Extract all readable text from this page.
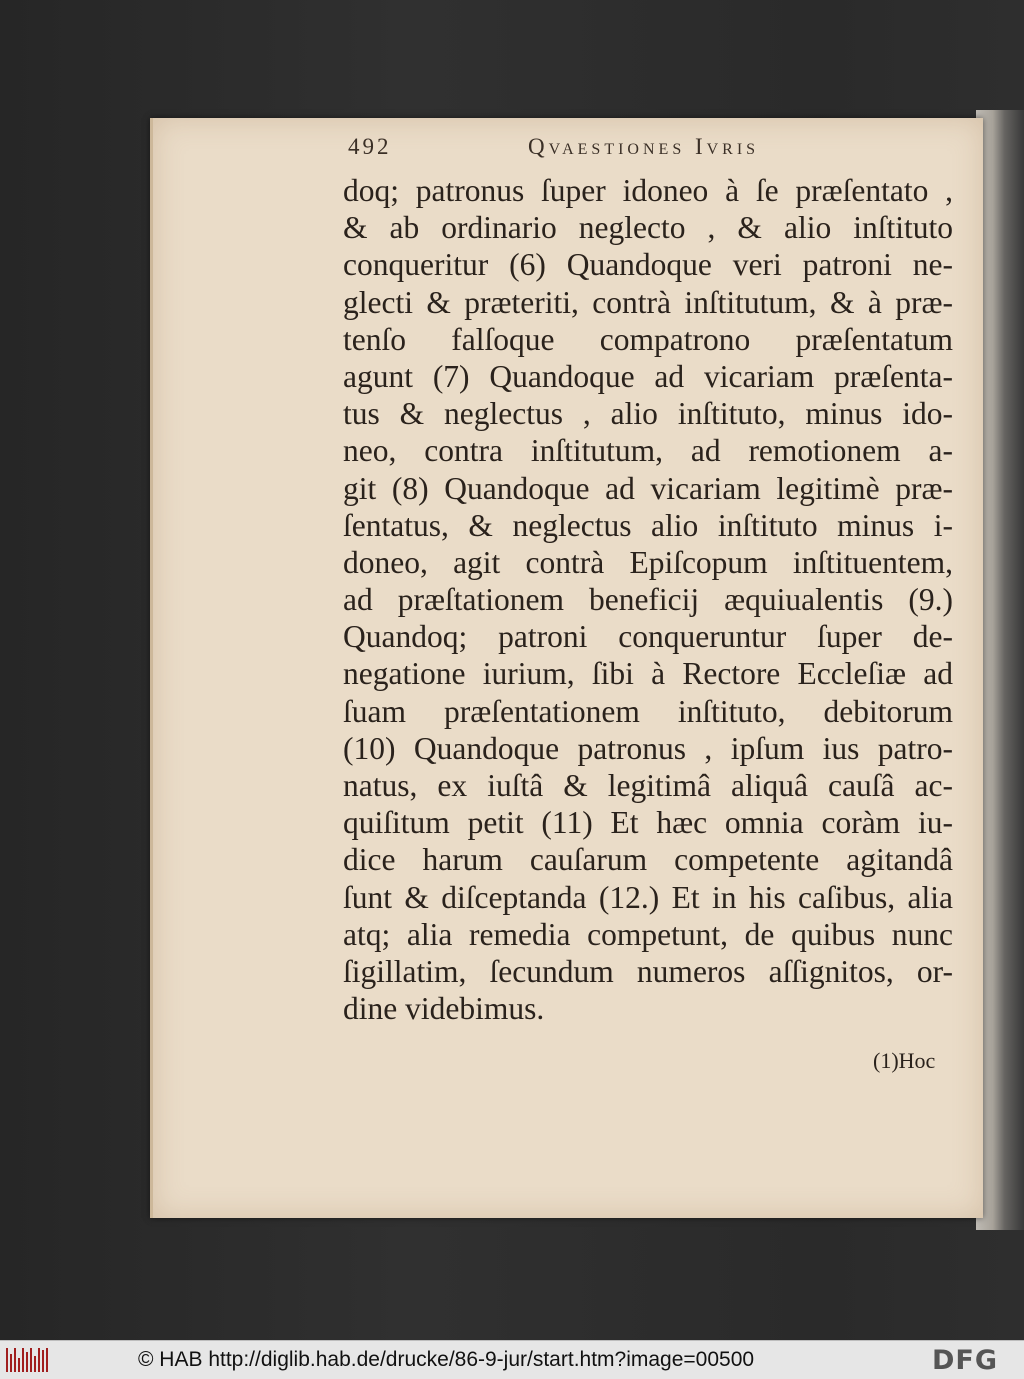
492	Qvaestiones Ivris
doq; patronus ſuper idoneo à ſe præſentato ,
& ab ordinario neglecto , & alio inſtituto
conqueritur (6) Quandoque veri patroni ne-
glecti & præteriti, contrà inſtitutum, & à præ-
tenſo falſoque compatrono præſentatum
agunt (7) Quandoque ad vicariam præſenta-
tus & neglectus , alio inſtituto, minus ido-
neo, contra inſtitutum, ad remotionem a-
git (8) Quandoque ad vicariam legitimè præ-
ſentatus, & neglectus alio inſtituto minus i-
doneo, agit contrà Epiſcopum inſtituentem,
ad præſtationem beneficij æquiualentis (9.)
Quandoq; patroni conqueruntur ſuper de-
negatione iurium, ſibi à Rectore Eccleſiæ ad
ſuam præſentationem inſtituto, debitorum
(10) Quandoque patronus , ipſum ius patro-
natus, ex iuſtâ & legitimâ aliquâ cauſâ ac-
quiſitum petit (11) Et hæc omnia coràm iu-
dice harum cauſarum competente agitandâ
ſunt & diſceptanda (12.) Et in his caſibus, alia
atq; alia remedia competunt, de quibus nunc
ſigillatim, ſecundum numeros aſſignitos, or-
dine videbimus.
(1)Hoc
© HAB http://diglib.hab.de/drucke/86-9-jur/start.htm?image=00500	DFG
